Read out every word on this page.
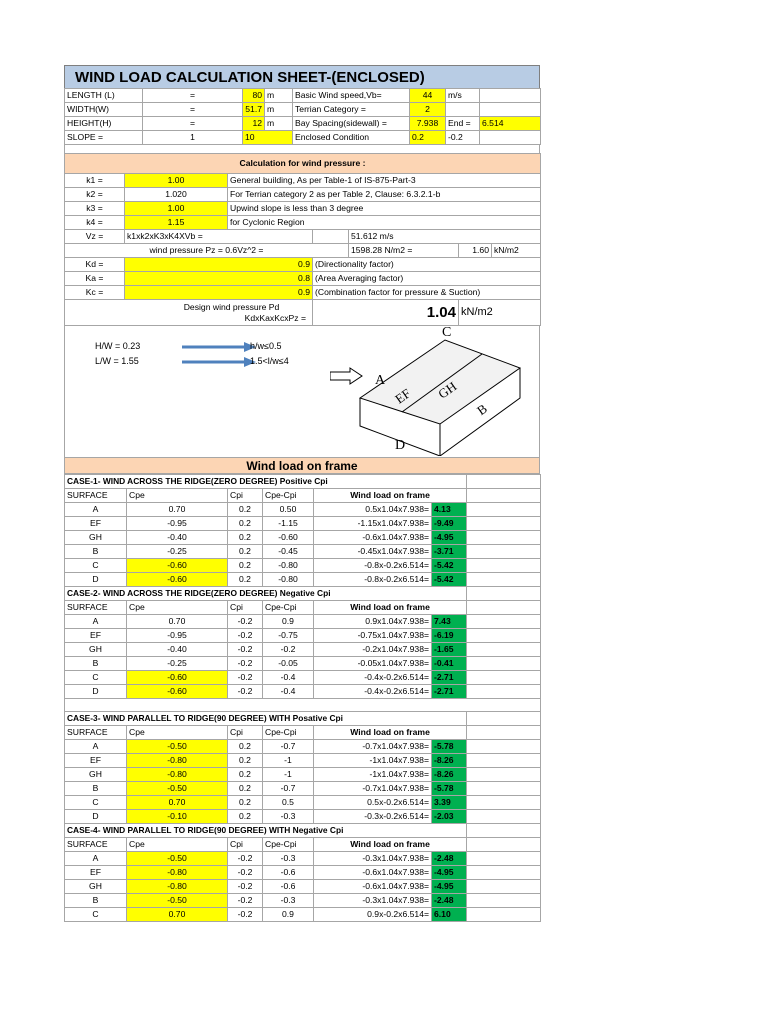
WIND LOAD CALCULATION SHEET-(ENCLOSED)
LENGTH (L)	=	80	m	Basic Wind speed,Vb=	44	m/s	
WIDTH(W)	=	51.7	m	Terrian Category =	2		
HEIGHT(H)	=	12	m	Bay Spacing(sidewall) =	7.938	End =	6.514
SLOPE =	1	10		Enclosed Condition	0.2	-0.2	
Calculation for wind pressure :						
k1 =	1.00	General building, As per Table-1 of IS-875-Part-3				
k2 =	1.020	For Terrian category 2 as per Table 2, Clause: 6.3.2.1-b				
k3 =	1.00	Upwind slope is less than 3 degree				
k4 =	1.15	for Cyclonic Region				
Vz =	k1xk2xK3xK4XVb =			51.612 m/s		
wind pressure Pz = 0.6Vz^2 =				1598.28 N/m2 =	1.60	kN/m2
Kd =	0.9		(Directionality factor)			
Ka =	0.8		(Area Averaging factor)			
Kc =	0.9		(Combination factor for pressure & Suction)			

Design wind pressure Pd
KdxKaxKcxPz =			1.04		kN/m2	
H/W = 0.23
L/W = 1.55
h/w≤0.5
1.5<l/w≤4
C
A
EF GH
B
D
Wind load on frame
CASE-1- WIND ACROSS THE RIDGE(ZERO DEGREE) Positive Cpi						
SURFACE	Cpe	Cpi	Cpe-Cpi	Wind load on frame		
A	0.70	0.2	0.50	0.5x1.04x7.938=	4.13	
EF	-0.95	0.2	-1.15	-1.15x1.04x7.938=	-9.49	
GH	-0.40	0.2	-0.60	-0.6x1.04x7.938=	-4.95	
B	-0.25	0.2	-0.45	-0.45x1.04x7.938=	-3.71	
C	-0.60	0.2	-0.80	-0.8x-0.2x6.514=	-5.42	
D	-0.60	0.2	-0.80	-0.8x-0.2x6.514=	-5.42	
CASE-2- WIND ACROSS THE RIDGE(ZERO DEGREE) Negative Cpi						
SURFACE	Cpe	Cpi	Cpe-Cpi	Wind load on frame		
A	0.70	-0.2	0.9	0.9x1.04x7.938=	7.43	
EF	-0.95	-0.2	-0.75	-0.75x1.04x7.938=	-6.19	
GH	-0.40	-0.2	-0.2	-0.2x1.04x7.938=	-1.65	
B	-0.25	-0.2	-0.05	-0.05x1.04x7.938=	-0.41	
C	-0.60	-0.2	-0.4	-0.4x-0.2x6.514=	-2.71	
D	-0.60	-0.2	-0.4	-0.4x-0.2x6.514=	-2.71	

CASE-3- WIND PARALLEL TO RIDGE(90 DEGREE) WITH Posative Cpi						
SURFACE	Cpe	Cpi	Cpe-Cpi	Wind load on frame		
A	-0.50	0.2	-0.7	-0.7x1.04x7.938=	-5.78	
EF	-0.80	0.2	-1	-1x1.04x7.938=	-8.26	
GH	-0.80	0.2	-1	-1x1.04x7.938=	-8.26	
B	-0.50	0.2	-0.7	-0.7x1.04x7.938=	-5.78	
C	0.70	0.2	0.5	0.5x-0.2x6.514=	3.39	
D	-0.10	0.2	-0.3	-0.3x-0.2x6.514=	-2.03	
CASE-4- WIND PARALLEL TO RIDGE(90 DEGREE) WITH Negative Cpi						
SURFACE	Cpe	Cpi	Cpe-Cpi	Wind load on frame		
A	-0.50	-0.2	-0.3	-0.3x1.04x7.938=	-2.48	
EF	-0.80	-0.2	-0.6	-0.6x1.04x7.938=	-4.95	
GH	-0.80	-0.2	-0.6	-0.6x1.04x7.938=	-4.95	
B	-0.50	-0.2	-0.3	-0.3x1.04x7.938=	-2.48	
C	0.70	-0.2	0.9	0.9x-0.2x6.514=	6.10	
